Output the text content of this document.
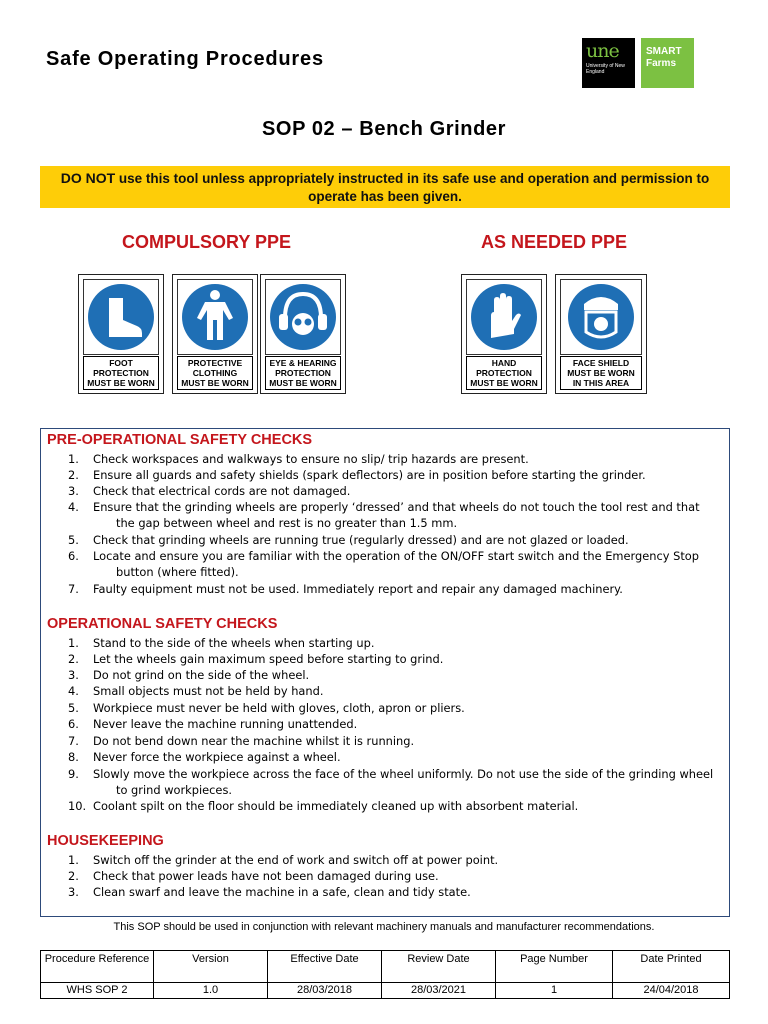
Safe Operating Procedures	une
University of New England
SMART
Farms
SOP 02 – Bench Grinder
DO NOT use this tool unless appropriately instructed in its safe use and operation and permission to operate has been given.
COMPULSORY PPE	AS NEEDED PPE
FOOT
PROTECTION
MUST BE WORN
PROTECTIVE
CLOTHING
MUST BE WORN
EYE & HEARING
PROTECTION
MUST BE WORN
HAND
PROTECTION
MUST BE WORN
FACE SHIELD
MUST BE WORN
IN THIS AREA
PRE-OPERATIONAL SAFETY CHECKS
1. Check workspaces and walkways to ensure no slip/ trip hazards are present.
2. Ensure all guards and safety shields (spark deflectors) are in position before starting the grinder.
3. Check that electrical cords are not damaged.
4. Ensure that the grinding wheels are properly ‘dressed’ and that wheels do not touch the tool rest and that
the gap between wheel and rest is no greater than 1.5 mm.
5. Check that grinding wheels are running true (regularly dressed) and are not glazed or loaded.
6. Locate and ensure you are familiar with the operation of the ON/OFF start switch and the Emergency Stop
button (where fitted).
7. Faulty equipment must not be used. Immediately report and repair any damaged machinery.
OPERATIONAL SAFETY CHECKS
1. Stand to the side of the wheels when starting up.
2. Let the wheels gain maximum speed before starting to grind.
3. Do not grind on the side of the wheel.
4. Small objects must not be held by hand.
5. Workpiece must never be held with gloves, cloth, apron or pliers.
6. Never leave the machine running unattended.
7. Do not bend down near the machine whilst it is running.
8. Never force the workpiece against a wheel.
9. Slowly move the workpiece across the face of the wheel uniformly. Do not use the side of the grinding wheel
to grind workpieces.
10. Coolant spilt on the floor should be immediately cleaned up with absorbent material.
HOUSEKEEPING
1. Switch off the grinder at the end of work and switch off at power point.
2. Check that power leads have not been damaged during use.
3. Clean swarf and leave the machine in a safe, clean and tidy state.
This SOP should be used in conjunction with relevant machinery manuals and manufacturer recommendations.
Procedure Reference	Version	Effective Date	Review Date	Page Number	Date Printed
WHS SOP 2	1.0	28/03/2018	28/03/2021	1	24/04/2018
